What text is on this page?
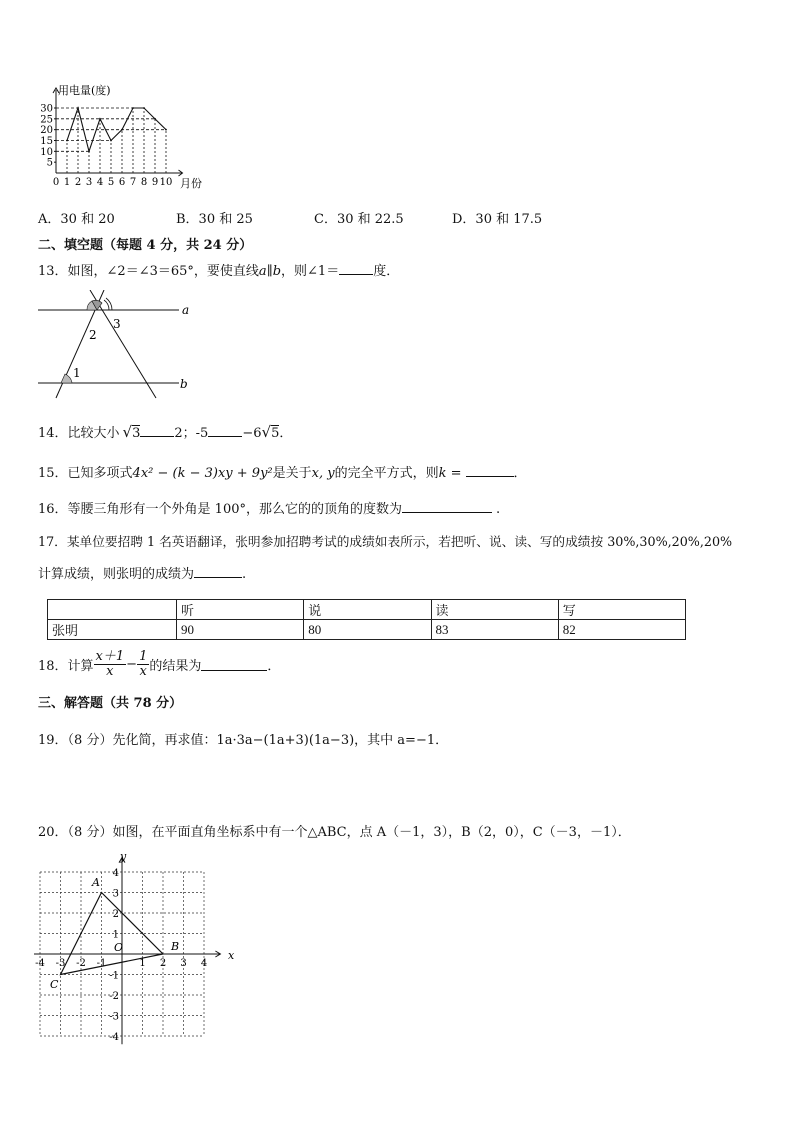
5
10
15
20
25
30
0 1 2 3 4 5 6 7 8 9 10
用电量(度)
月份
A．30 和 20	B．30 和 25	C．30 和 22.5	D．30 和 17.5
二、填空题（每题 4 分，共 24 分）
13．如图，∠2＝∠3＝65°，要使直线a∥b，则∠1＝	度．
1
2
3
a
b
14．比较大小 √3	2；-5	−6√5．
15．已知多项式4x² − (k − 3)xy + 9y²是关于x, y的完全平方式，则k =	．
16．等腰三角形有一个外角是 100°，那么它的的顶角的度数为	.
17．某单位要招聘 1 名英语翻译，张明参加招聘考试的成绩如表所示，若把听、说、读、写的成绩按 30%,30%,20%,20%
计算成绩，则张明的成绩为	.
	听	说	读	写
张明	90	80	83	82
18．计算 $\frac{x+1}{x} - \frac{1}{x}$ 的结果为	．
三、解答题（共 78 分）
19．（8 分）先化简，再求值：1a·3a−(1a+3)(1a−3)，其中 a=−1．
20．（8 分）如图，在平面直角坐标系中有一个△ABC，点 A（－1，3），B（2，0），C（－3，－1）．
-4 -3 -2 -1	1 2 3 4
4
3
2
1
-1
-2
-3
-4
x
y
O
A
B
C
